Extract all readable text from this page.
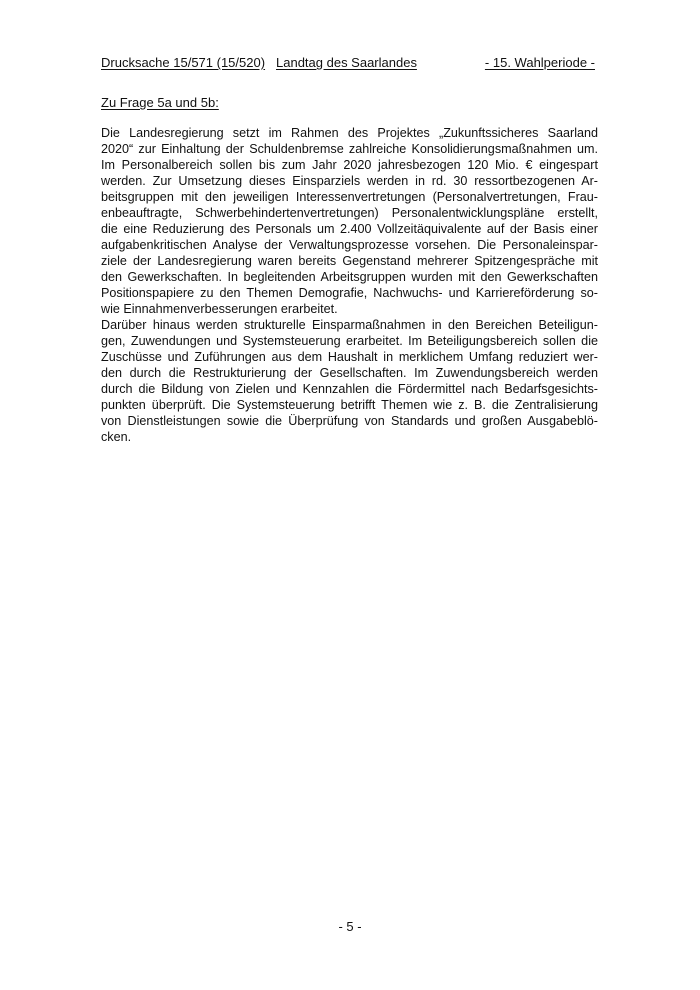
Drucksache 15/571 (15/520) Landtag des Saarlandes	- 15. Wahlperiode -
Zu Frage 5a und 5b:
Die Landesregierung setzt im Rahmen des Projektes „Zukunftssicheres Saarland
2020“ zur Einhaltung der Schuldenbremse zahlreiche Konsolidierungsmaßnahmen um.
Im Personalbereich sollen bis zum Jahr 2020 jahresbezogen 120 Mio. € eingespart
werden. Zur Umsetzung dieses Einsparziels werden in rd. 30 ressortbezogenen Ar-
beitsgruppen mit den jeweiligen Interessenvertretungen (Personalvertretungen, Frau-
enbeauftragte, Schwerbehindertenvertretungen) Personalentwicklungspläne erstellt,
die eine Reduzierung des Personals um 2.400 Vollzeitäquivalente auf der Basis einer
aufgabenkritischen Analyse der Verwaltungsprozesse vorsehen. Die Personaleinspar-
ziele der Landesregierung waren bereits Gegenstand mehrerer Spitzengespräche mit
den Gewerkschaften. In begleitenden Arbeitsgruppen wurden mit den Gewerkschaften
Positionspapiere zu den Themen Demografie, Nachwuchs- und Karriereförderung so-
wie Einnahmenverbesserungen erarbeitet.
Darüber hinaus werden strukturelle Einsparmaßnahmen in den Bereichen Beteiligun-
gen, Zuwendungen und Systemsteuerung erarbeitet. Im Beteiligungsbereich sollen die
Zuschüsse und Zuführungen aus dem Haushalt in merklichem Umfang reduziert wer-
den durch die Restrukturierung der Gesellschaften. Im Zuwendungsbereich werden
durch die Bildung von Zielen und Kennzahlen die Fördermittel nach Bedarfsgesichts-
punkten überprüft. Die Systemsteuerung betrifft Themen wie z. B. die Zentralisierung
von Dienstleistungen sowie die Überprüfung von Standards und großen Ausgabeblö-
cken.
- 5 -
